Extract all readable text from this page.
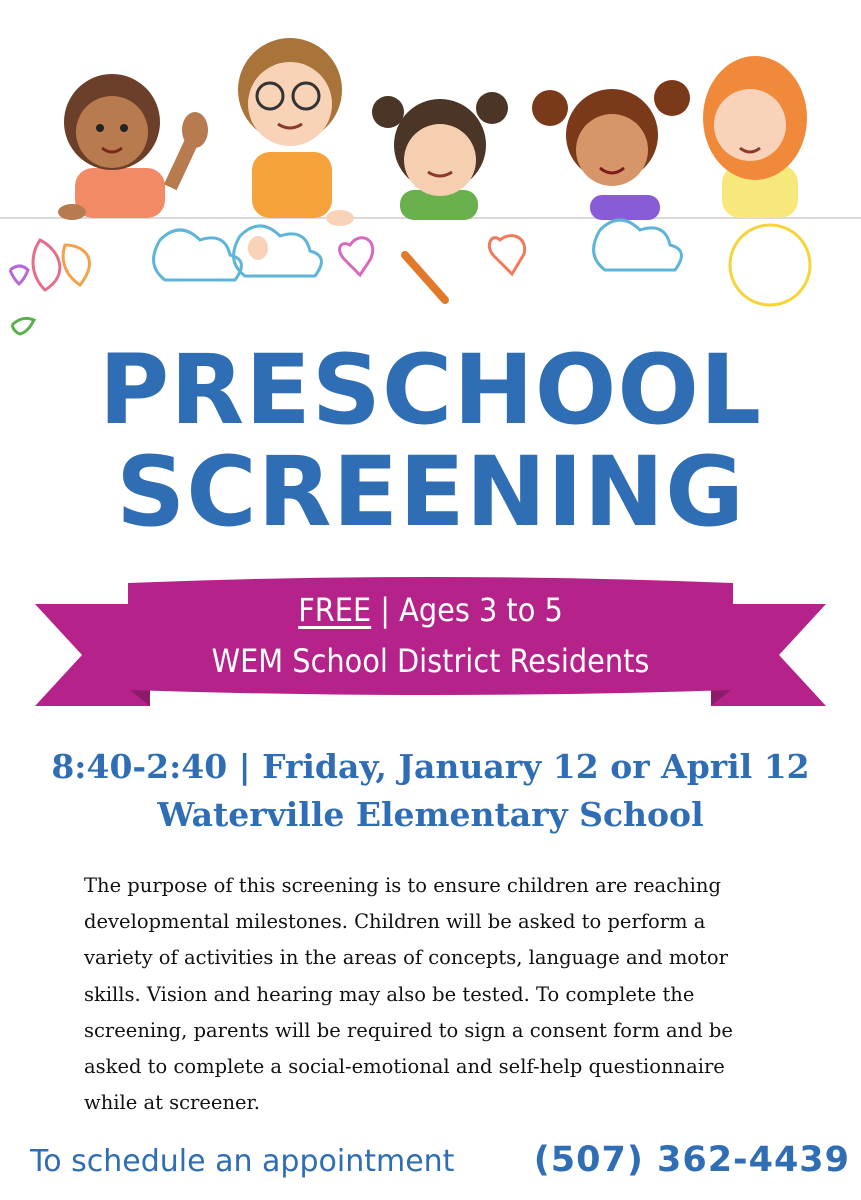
PRESCHOOL
SCREENING
FREE | Ages 3 to 5
WEM School District Residents
8:40-2:40 | Friday, January 12 or April 12
Waterville Elementary School
The purpose of this screening is to ensure children are reaching
developmental milestones. Children will be asked to perform a
variety of activities in the areas of concepts, language and motor
skills. Vision and hearing may also be tested. To complete the
screening, parents will be required to sign a consent form and be
asked to complete a social-emotional and self-help questionnaire
while at screener.
To schedule an appointment (507) 362-4439
